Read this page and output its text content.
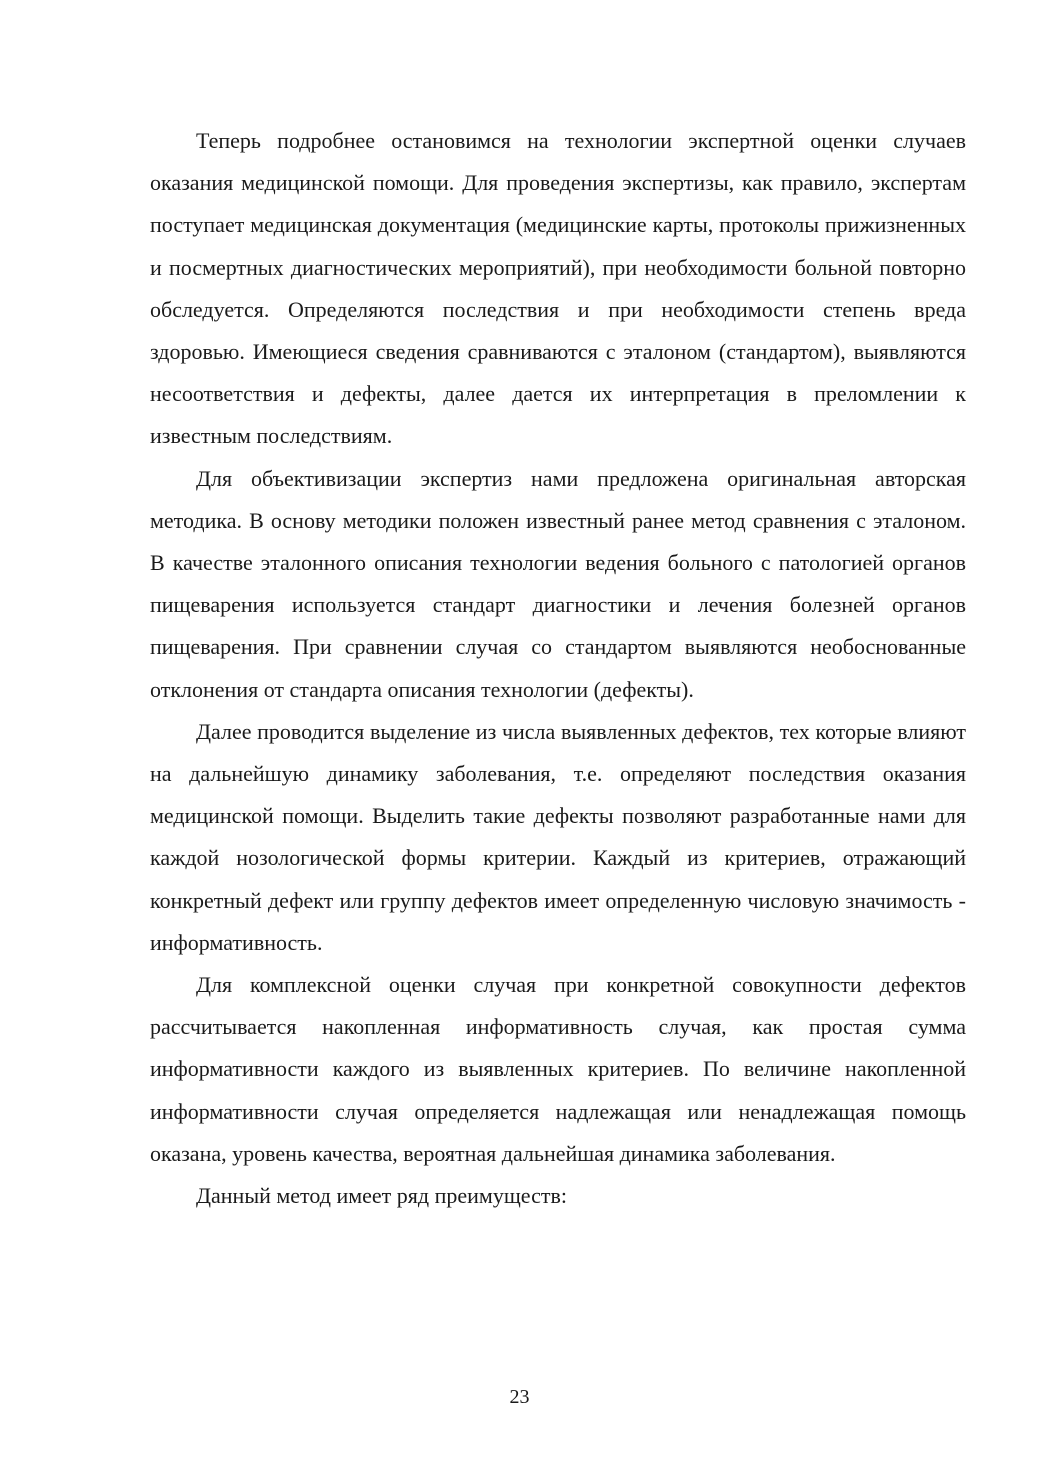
Теперь подробнее остановимся на технологии экспертной оценки случаев оказания медицинской помощи. Для проведения экспертизы, как правило, экспертам поступает медицинская документация (медицинские карты, протоколы прижизненных и посмертных диагностических мероприятий), при необходимости больной повторно обследуется. Определяются последствия и при необходимости степень вреда здоровью. Имеющиеся сведения сравниваются с эталоном (стандартом), выявляются несоответствия и дефекты, далее дается их интерпретация в преломлении к известным последствиям.

Для объективизации экспертиз нами предложена оригинальная авторская методика. В основу методики положен известный ранее метод сравнения с эталоном. В качестве эталонного описания технологии ведения больного с патологией органов пищеварения используется стандарт диагностики и лечения болезней органов пищеварения. При сравнении случая со стандартом выявляются необоснованные отклонения от стандарта описания технологии (дефекты).

Далее проводится выделение из числа выявленных дефектов, тех которые влияют на дальнейшую динамику заболевания, т.е. определяют последствия оказания медицинской помощи. Выделить такие дефекты позволяют разработанные нами для каждой нозологической формы критерии. Каждый из критериев, отражающий конкретный дефект или группу дефектов имеет определенную числовую значимость - информативность.

Для комплексной оценки случая при конкретной совокупности дефектов рассчитывается накопленная информативность случая, как простая сумма информативности каждого из выявленных критериев. По величине накопленной информативности случая определяется надлежащая или ненадлежащая помощь оказана, уровень качества, вероятная дальнейшая динамика заболевания.

Данный метод имеет ряд преимуществ:

23
